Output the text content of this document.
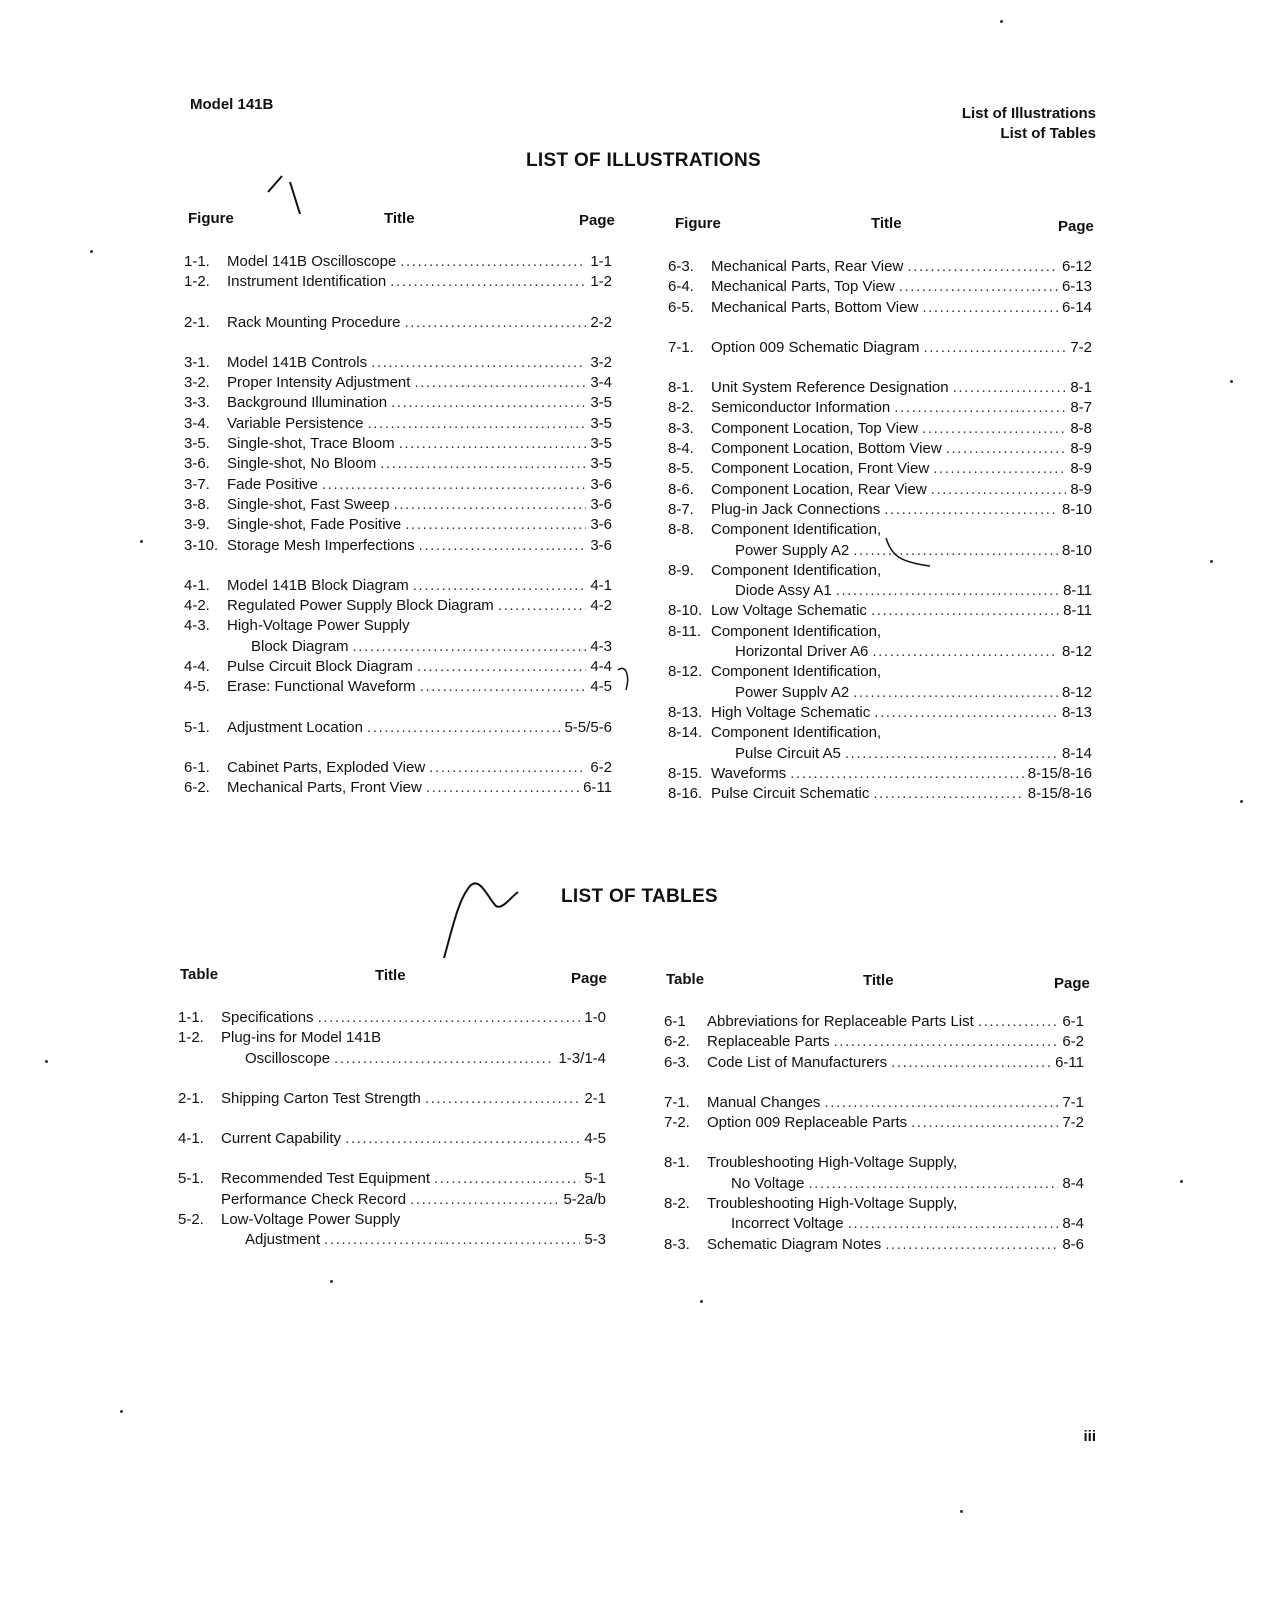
Model 141B
List of Illustrations
List of Tables
LIST OF ILLUSTRATIONS
Figure	Title	Page	Figure	Title	Page
1-1.	Model 141B Oscilloscope .....	1-1
1-2.	Instrument Identification .....	1-2
2-1.	Rack Mounting Procedure .....	2-2
3-1.	Model 141B Controls .....	3-2
3-2.	Proper Intensity Adjustment .....	3-4
3-3.	Background Illumination .....	3-5
3-4.	Variable Persistence .....	3-5
3-5.	Single-shot, Trace Bloom .....	3-5
3-6.	Single-shot, No Bloom .....	3-5
3-7.	Fade Positive .....	3-6
3-8.	Single-shot, Fast Sweep .....	3-6
3-9.	Single-shot, Fade Positive .....	3-6
3-10. Storage Mesh Imperfections .....	3-6
4-1.	Model 141B Block Diagram .....	4-1
4-2.	Regulated Power Supply Block Diagram .....	4-2
4-3.	High-Voltage Power Supply
Block Diagram .....	4-3
4-4.	Pulse Circuit Block Diagram .....	4-4
4-5.	Erase: Functional Waveform .....	4-5
5-1.	Adjustment Location .....	5-5/5-6
6-1.	Cabinet Parts, Exploded View .....	6-2
6-2.	Mechanical Parts, Front View .....	6-11
6-3.	Mechanical Parts, Rear View .....	6-12
6-4.	Mechanical Parts, Top View .....	6-13
6-5.	Mechanical Parts, Bottom View .....	6-14
7-1.	Option 009 Schematic Diagram .....	7-2
8-1.	Unit System Reference Designation .....	8-1
8-2.	Semiconductor Information .....	8-7
8-3.	Component Location, Top View .....	8-8
8-4.	Component Location, Bottom View .....	8-9
8-5.	Component Location, Front View .....	8-9
8-6.	Component Location, Rear View .....	8-9
8-7.	Plug-in Jack Connections .....	8-10
8-8.	Component Identification,
Power Supply A2 .....	8-10
8-9.	Component Identification,
Diode Assy A1 .....	8-11
8-10. Low Voltage Schematic .....	8-11
8-11. Component Identification,
Horizontal Driver A6 .....	8-12
8-12. Component Identification,
Power Supplv A2 .....	8-12
8-13. High Voltage Schematic .....	8-13
8-14. Component Identification,
Pulse Circuit A5 .....	8-14
8-15. Waveforms .....	8-15/8-16
8-16. Pulse Circuit Schematic .....	8-15/8-16
LIST OF TABLES
Table	Title	Page	Table	Title	Page
1-1.	Specifications .....	1-0
1-2.	Plug-ins for Model 141B
Oscilloscope .....	1-3/1-4
2-1.	Shipping Carton Test Strength .....	2-1
4-1.	Current Capability .....	4-5
5-1.	Recommended Test Equipment .....	5-1
Performance Check Record .....	5-2a/b
5-2.	Low-Voltage Power Supply
Adjustment .....	5-3
6-1	Abbreviations for Replaceable Parts List .....	6-1
6-2.	Replaceable Parts .....	6-2
6-3.	Code List of Manufacturers .....	6-11
7-1.	Manual Changes .....	7-1
7-2.	Option 009 Replaceable Parts .....	7-2
8-1.	Troubleshooting High-Voltage Supply,
No Voltage .....	8-4
8-2.	Troubleshooting High-Voltage Supply,
Incorrect Voltage .....	8-4
8-3.	Schematic Diagram Notes .....	8-6
iii
